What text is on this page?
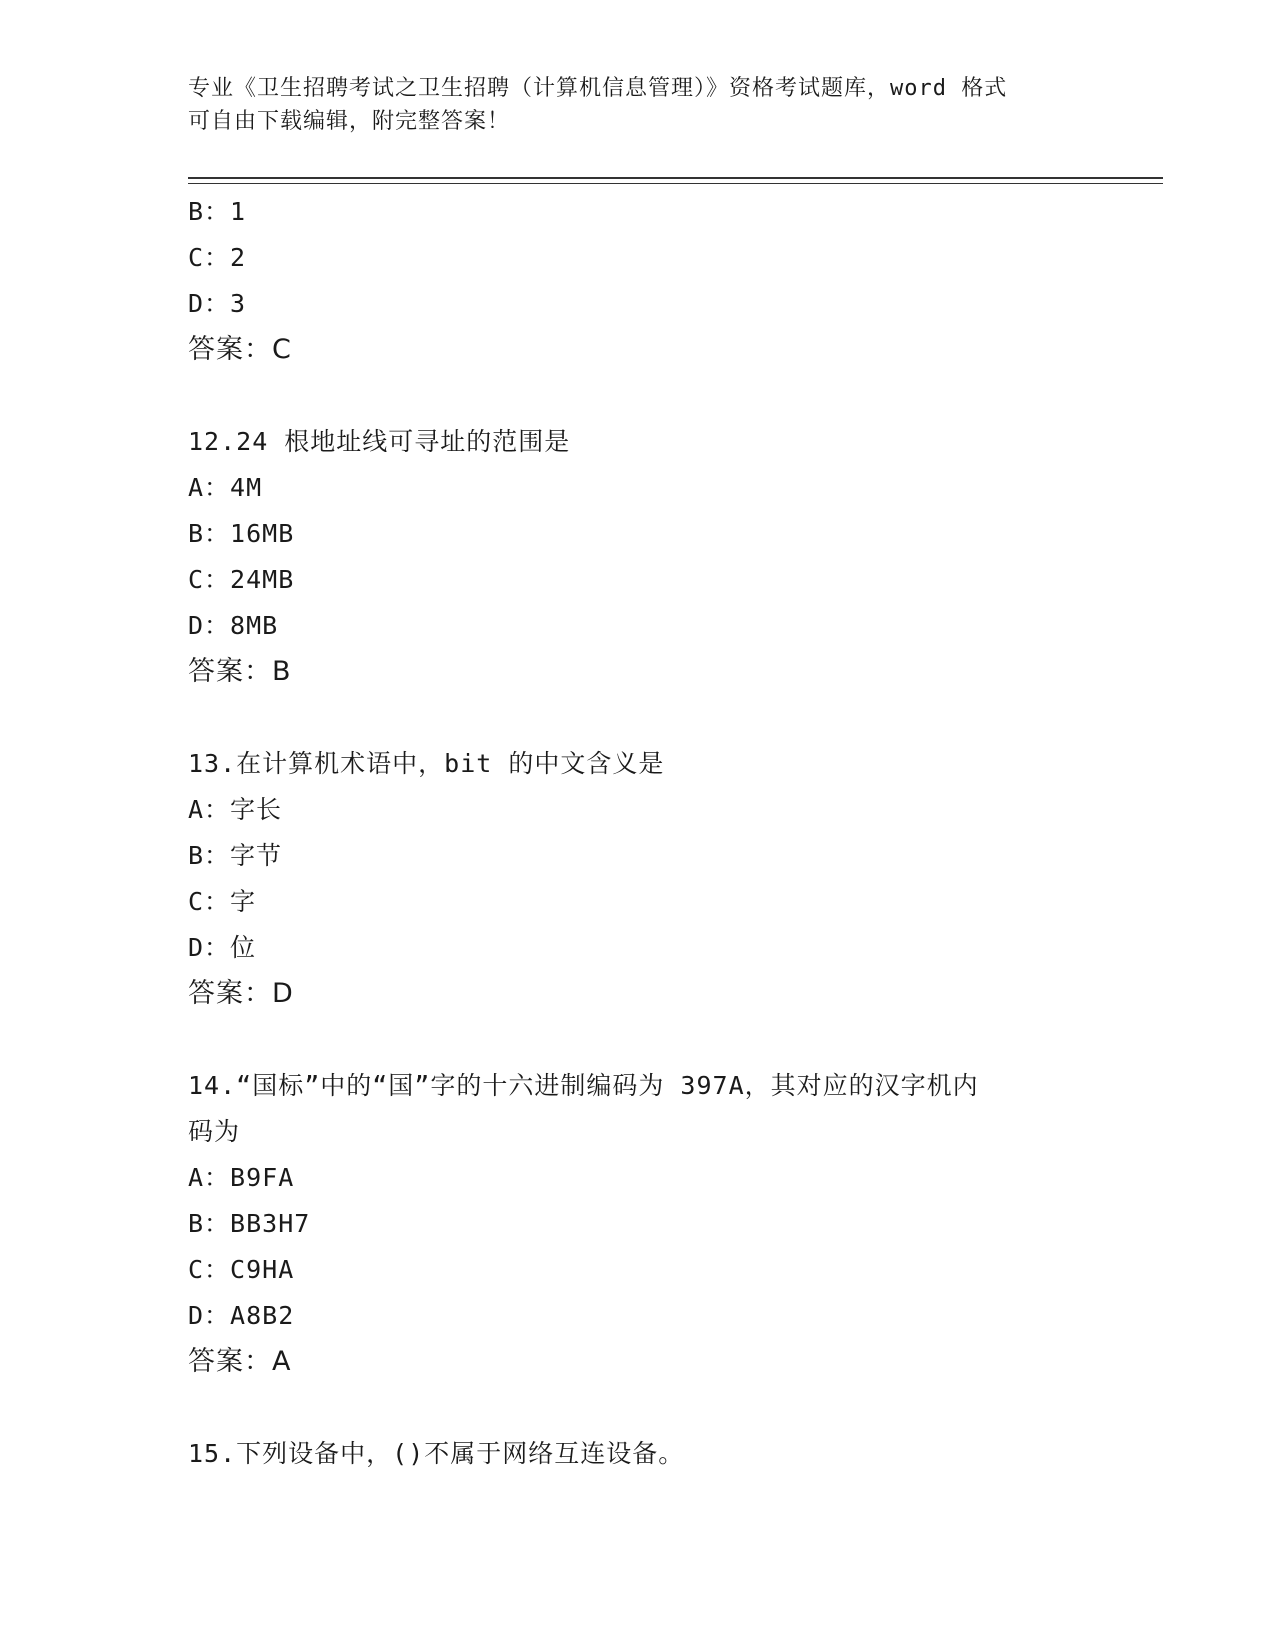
专业《卫生招聘考试之卫生招聘（计算机信息管理）》资格考试题库，word 格式
可自由下载编辑，附完整答案！
B：1
C：2
D：3
答案：C
12.24 根地址线可寻址的范围是
A：4M
B：16MB
C：24MB
D：8MB
答案：B
13.在计算机术语中，bit 的中文含义是
A：字长
B：字节
C：字
D：位
答案：D
14.“国标”中的“国”字的十六进制编码为 397A，其对应的汉字机内
码为
A：B9FA
B：BB3H7
C：C9HA
D：A8B2
答案：A
15.下列设备中，()不属于网络互连设备。
